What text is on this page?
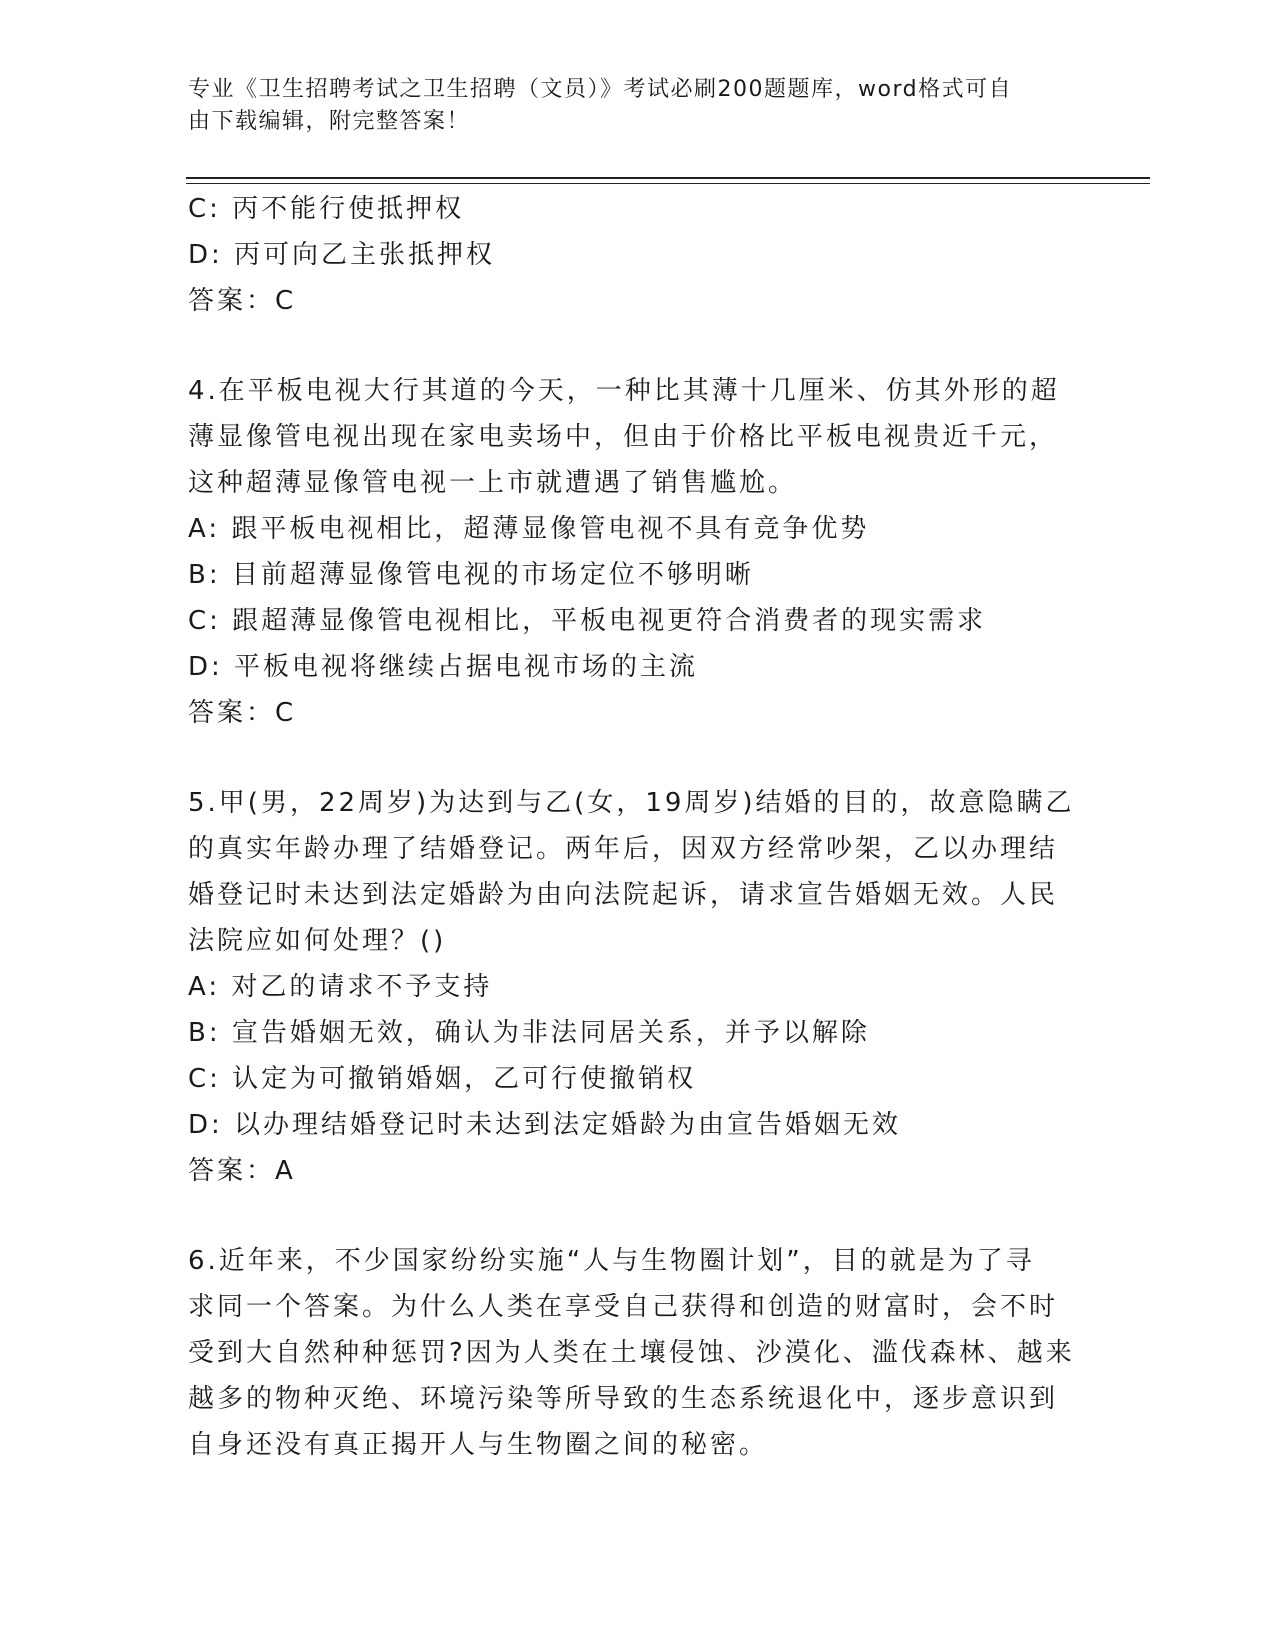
专业《卫生招聘考试之卫生招聘（文员）》考试必刷200题题库，word格式可自
由下载编辑，附完整答案！
C: 丙不能行使抵押权
D: 丙可向乙主张抵押权
答案：C
4.在平板电视大行其道的今天，一种比其薄十几厘米、仿其外形的超
薄显像管电视出现在家电卖场中，但由于价格比平板电视贵近千元，
这种超薄显像管电视一上市就遭遇了销售尴尬。
A: 跟平板电视相比，超薄显像管电视不具有竞争优势
B: 目前超薄显像管电视的市场定位不够明晰
C: 跟超薄显像管电视相比，平板电视更符合消费者的现实需求
D: 平板电视将继续占据电视市场的主流
答案：C
5.甲(男，22周岁)为达到与乙(女，19周岁)结婚的目的，故意隐瞒乙
的真实年龄办理了结婚登记。两年后，因双方经常吵架，乙以办理结
婚登记时未达到法定婚龄为由向法院起诉，请求宣告婚姻无效。人民
法院应如何处理？()
A: 对乙的请求不予支持
B: 宣告婚姻无效，确认为非法同居关系，并予以解除
C: 认定为可撤销婚姻，乙可行使撤销权
D: 以办理结婚登记时未达到法定婚龄为由宣告婚姻无效
答案：A
6.近年来，不少国家纷纷实施“人与生物圈计划”，目的就是为了寻
求同一个答案。为什么人类在享受自己获得和创造的财富时，会不时
受到大自然种种惩罚?因为人类在土壤侵蚀、沙漠化、滥伐森林、越来
越多的物种灭绝、环境污染等所导致的生态系统退化中，逐步意识到
自身还没有真正揭开人与生物圈之间的秘密。
